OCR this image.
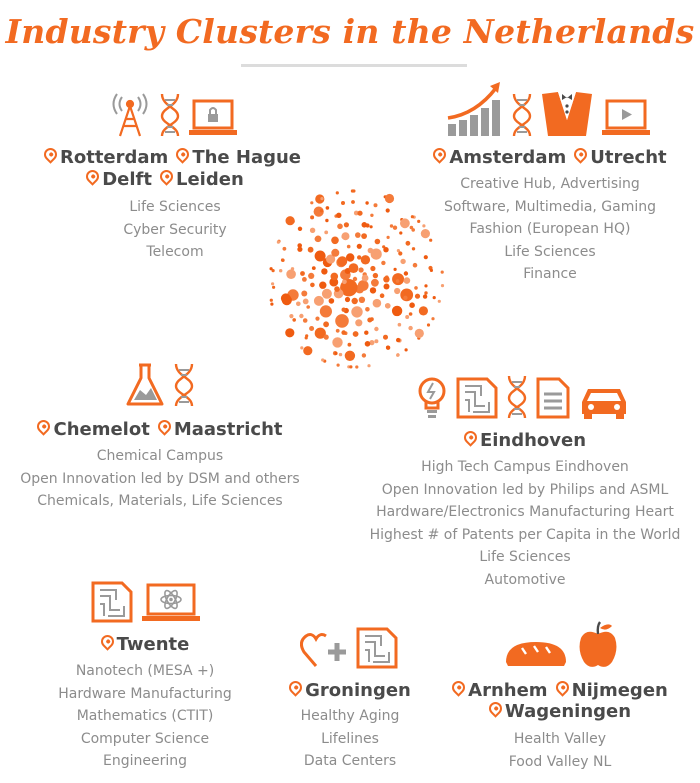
Industry Clusters in the Netherlands
Rotterdam The Hague
Delft Leiden
Life Sciences
Cyber Security
Telecom
Amsterdam Utrecht
Creative Hub, Advertising
Software, Multimedia, Gaming
Fashion (European HQ)
Life Sciences
Finance
Chemelot Maastricht
Chemical Campus
Open Innovation led by DSM and others
Chemicals, Materials, Life Sciences
Eindhoven
High Tech Campus Eindhoven
Open Innovation led by Philips and ASML
Hardware/Electronics Manufacturing Heart
Highest # of Patents per Capita in the World
Life Sciences
Automotive
Twente
Nanotech (MESA +)
Hardware Manufacturing
Mathematics (CTIT)
Computer Science
Engineering
Groningen
Healthy Aging
Lifelines
Data Centers
Arnhem Nijmegen
Wageningen
Health Valley
Food Valley NL
